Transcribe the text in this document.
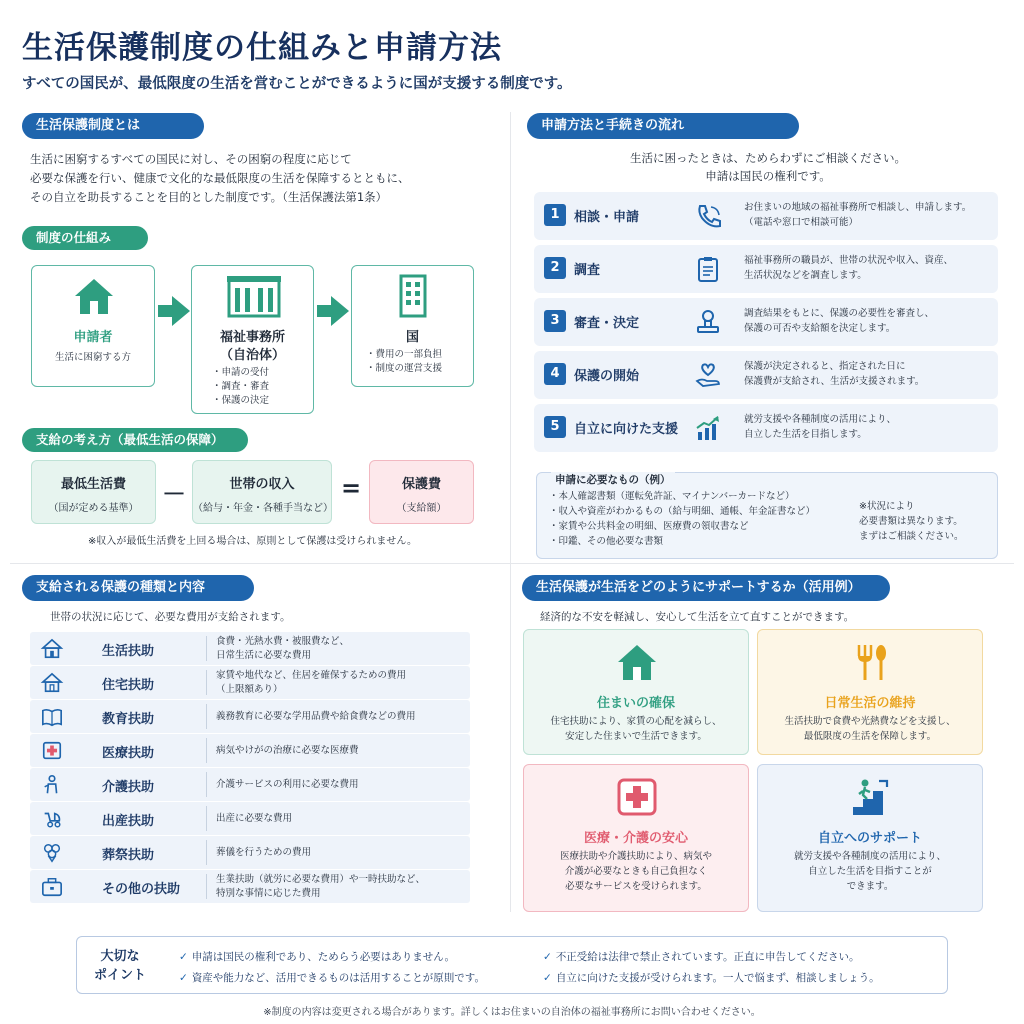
生活保護制度の仕組みと申請方法
すべての国民が、最低限度の生活を営むことができるように国が支援する制度です。
生活保護制度とは
生活に困窮するすべての国民に対し、その困窮の程度に応じて
必要な保護を行い、健康で文化的な最低限度の生活を保障するとともに、
その自立を助長することを目的とした制度です。（生活保護法第1条）
制度の仕組み
申請者
生活に困窮する方
福祉事務所
（自治体）
・申請の受付
・調査・審査
・保護の決定
国
・費用の一部負担
・制度の運営支援
支給の考え方（最低生活の保障）
最低生活費
（国が定める基準）
－	世帯の収入
（給与・年金・各種手当など）
=	保護費
（支給額）
※収入が最低生活費を上回る場合は、原則として保護は受けられません。
申請方法と手続きの流れ
生活に困ったときは、ためらわずにご相談ください。
申請は国民の権利です。
1	相談・申請
お住まいの地域の福祉事務所で相談し、申請します。
（電話や窓口で相談可能）
2	調査
福祉事務所の職員が、世帯の状況や収入、資産、
生活状況などを調査します。
3	審査・決定
調査結果をもとに、保護の必要性を審査し、
保護の可否や支給額を決定します。
4	保護の開始
保護が決定されると、指定された日に
保護費が支給され、生活が支援されます。
5	自立に向けた支援
就労支援や各種制度の活用により、
自立した生活を目指します。
申請に必要なもの（例）
・本人確認書類（運転免許証、マイナンバーカードなど）
・収入や資産がわかるもの（給与明細、通帳、年金証書など）
・家賃や公共料金の明細、医療費の領収書など
・印鑑、その他必要な書類
※状況により
必要書類は異なります。
まずはご相談ください。
支給される保護の種類と内容
世帯の状況に応じて、必要な費用が支給されます。
生活扶助
食費・光熱水費・被服費など、
日常生活に必要な費用
住宅扶助
家賃や地代など、住居を確保するための費用
（上限額あり）
教育扶助	義務教育に必要な学用品費や給食費などの費用
医療扶助	病気やけがの治療に必要な医療費
介護扶助	介護サービスの利用に必要な費用
出産扶助	出産に必要な費用
葬祭扶助	葬儀を行うための費用
その他の扶助
生業扶助（就労に必要な費用）や一時扶助など、
特別な事情に応じた費用
生活保護が生活をどのようにサポートするか（活用例）
経済的な不安を軽減し、安心して生活を立て直すことができます。
住まいの確保
住宅扶助により、家賃の心配を減らし、
安定した住まいで生活できます。
日常生活の維持
生活扶助で食費や光熱費などを支援し、
最低限度の生活を保障します。
医療・介護の安心
医療扶助や介護扶助により、病気や
介護が必要なときも自己負担なく
必要なサービスを受けられます。
自立へのサポート
就労支援や各種制度の活用により、
自立した生活を目指すことが
できます。
大切な
ポイント
✓ 申請は国民の権利であり、ためらう必要はありません。	✓ 不正受給は法律で禁止されています。正直に申告してください。
✓ 資産や能力など、活用できるものは活用することが原則です。	✓ 自立に向けた支援が受けられます。一人で悩まず、相談しましょう。
※制度の内容は変更される場合があります。詳しくはお住まいの自治体の福祉事務所にお問い合わせください。
